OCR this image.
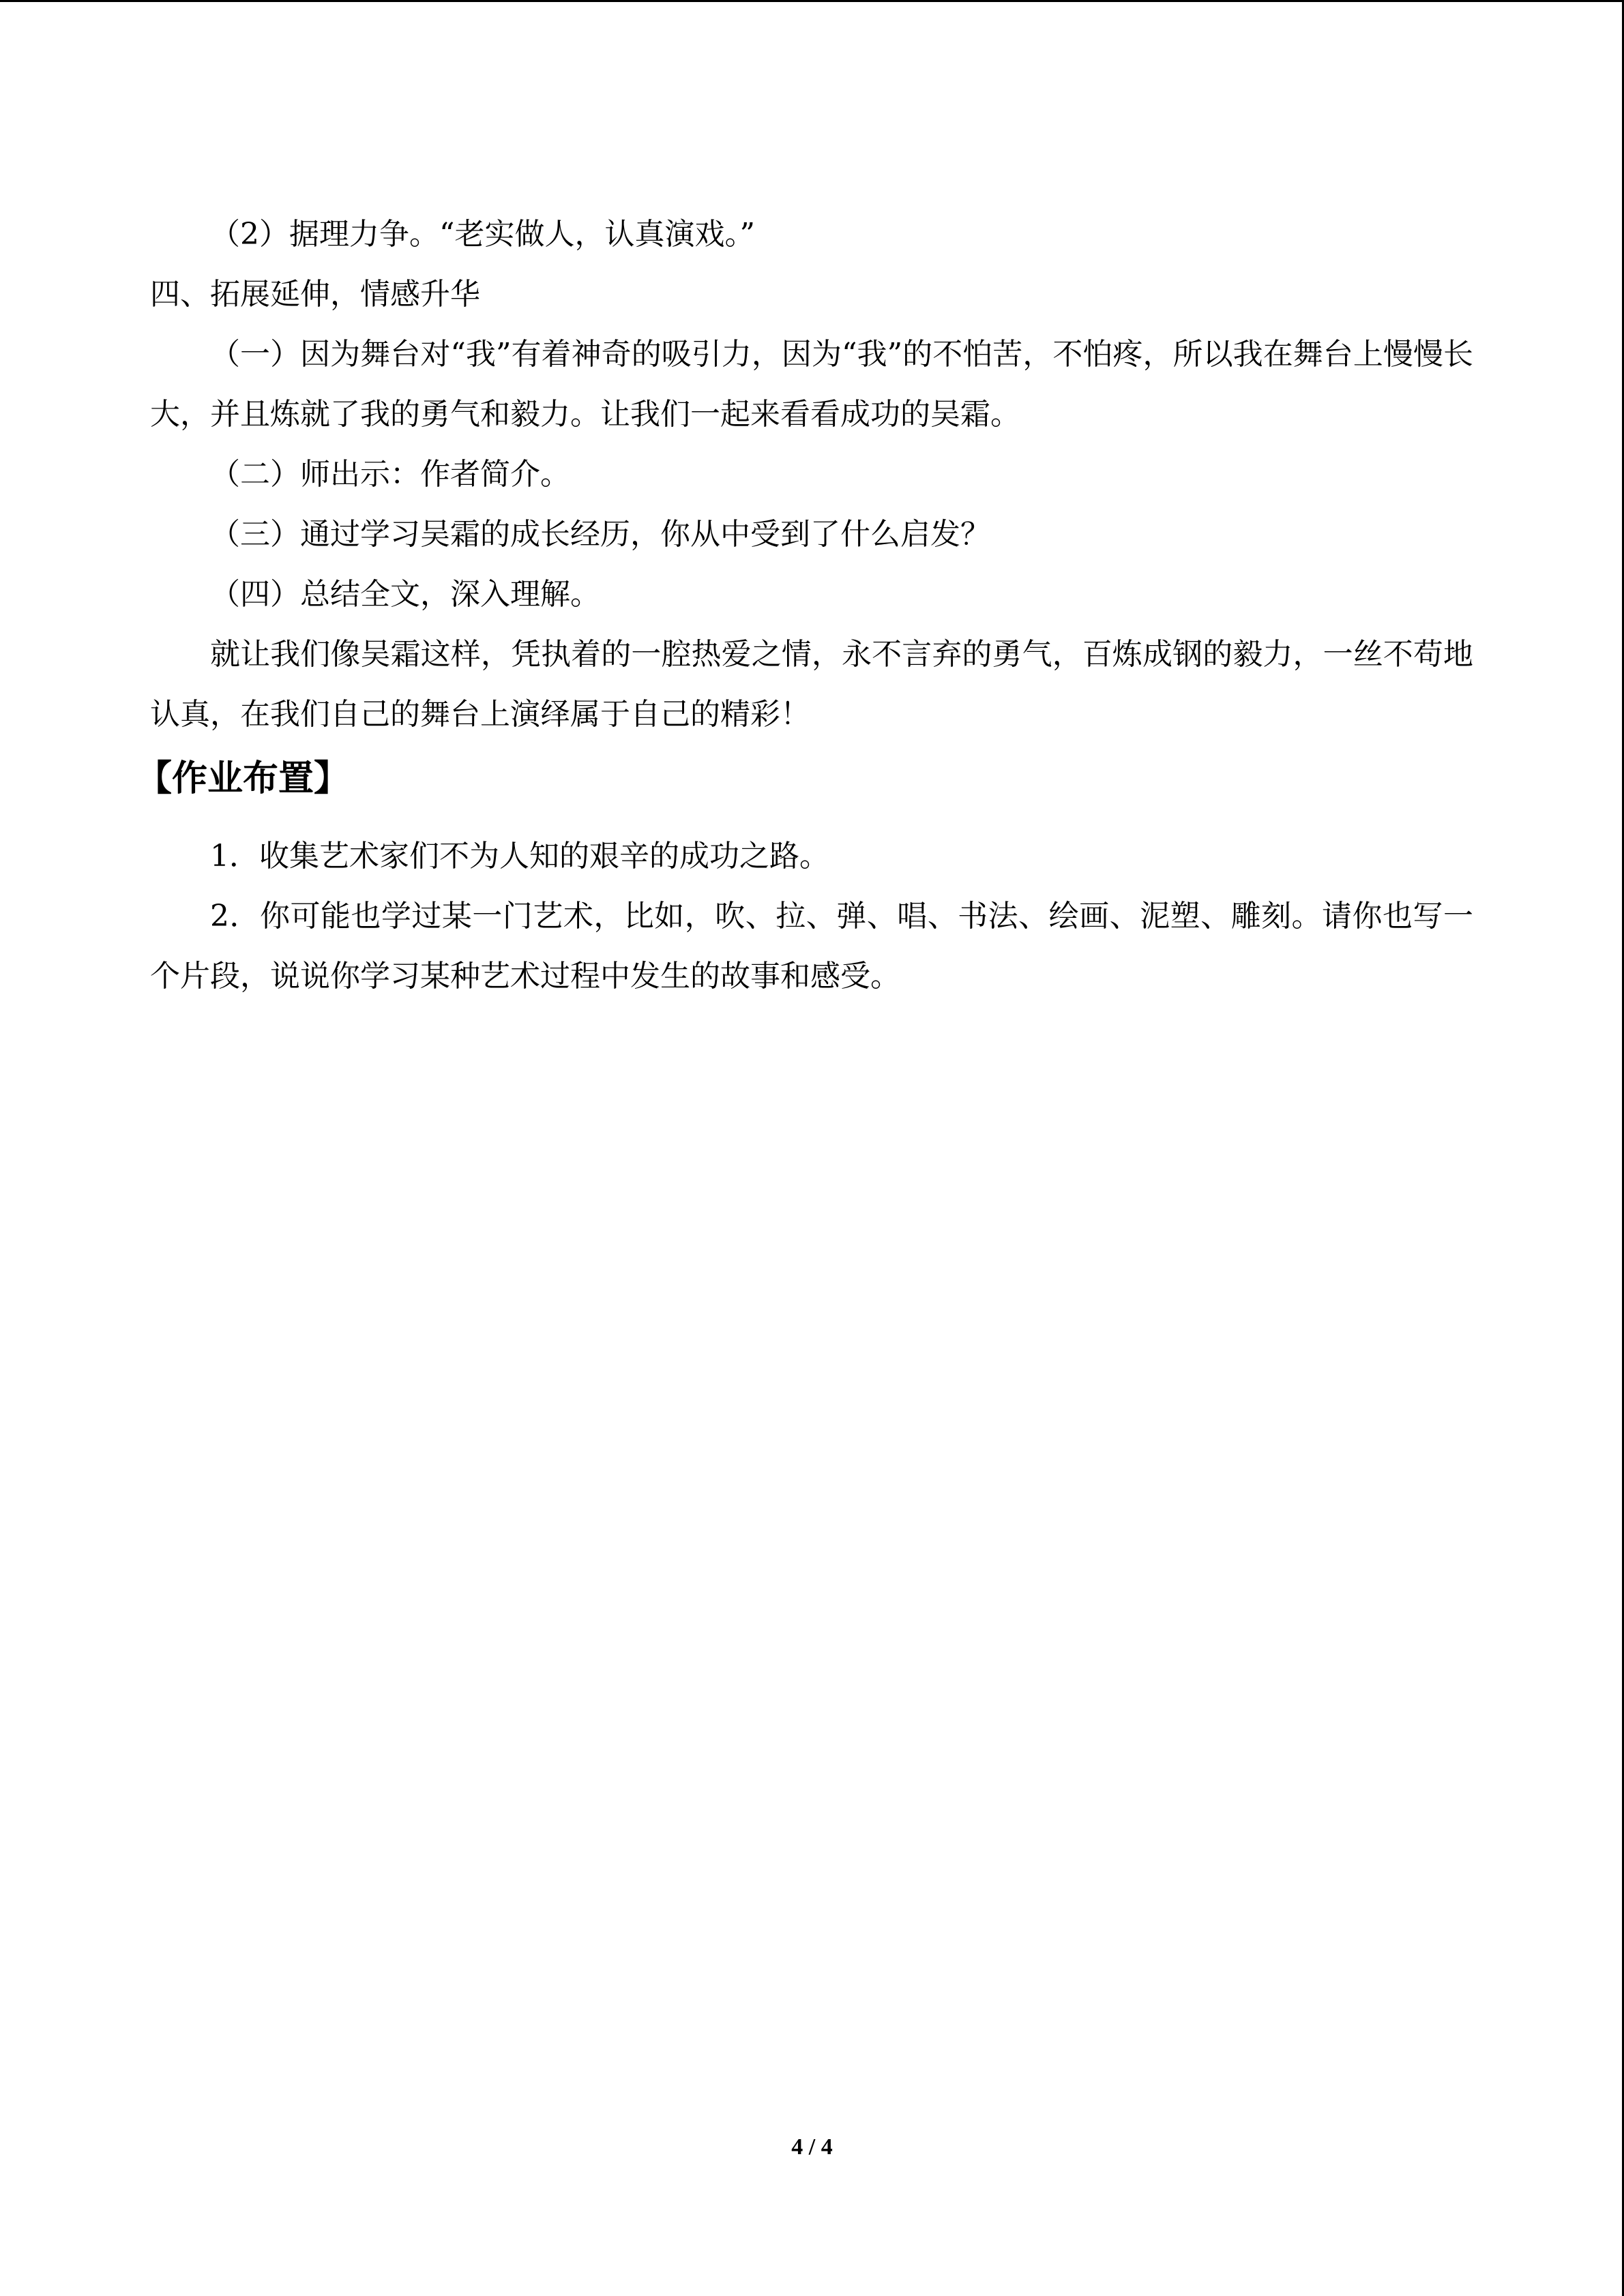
（2）据理力争。“老实做人，认真演戏。”

四、拓展延伸，情感升华

（一）因为舞台对“我”有着神奇的吸引力，因为“我”的不怕苦，不怕疼，所以我在舞台上慢慢长大，并且炼就了我的勇气和毅力。让我们一起来看看成功的吴霜。

（二）师出示：作者简介。

（三）通过学习吴霜的成长经历，你从中受到了什么启发？

（四）总结全文，深入理解。

就让我们像吴霜这样，凭执着的一腔热爱之情，永不言弃的勇气，百炼成钢的毅力，一丝不苟地认真，在我们自己的舞台上演绎属于自己的精彩！

【作业布置】

1．收集艺术家们不为人知的艰辛的成功之路。

2．你可能也学过某一门艺术，比如，吹、拉、弹、唱、书法、绘画、泥塑、雕刻。请你也写一个片段，说说你学习某种艺术过程中发生的故事和感受。

4 / 4
